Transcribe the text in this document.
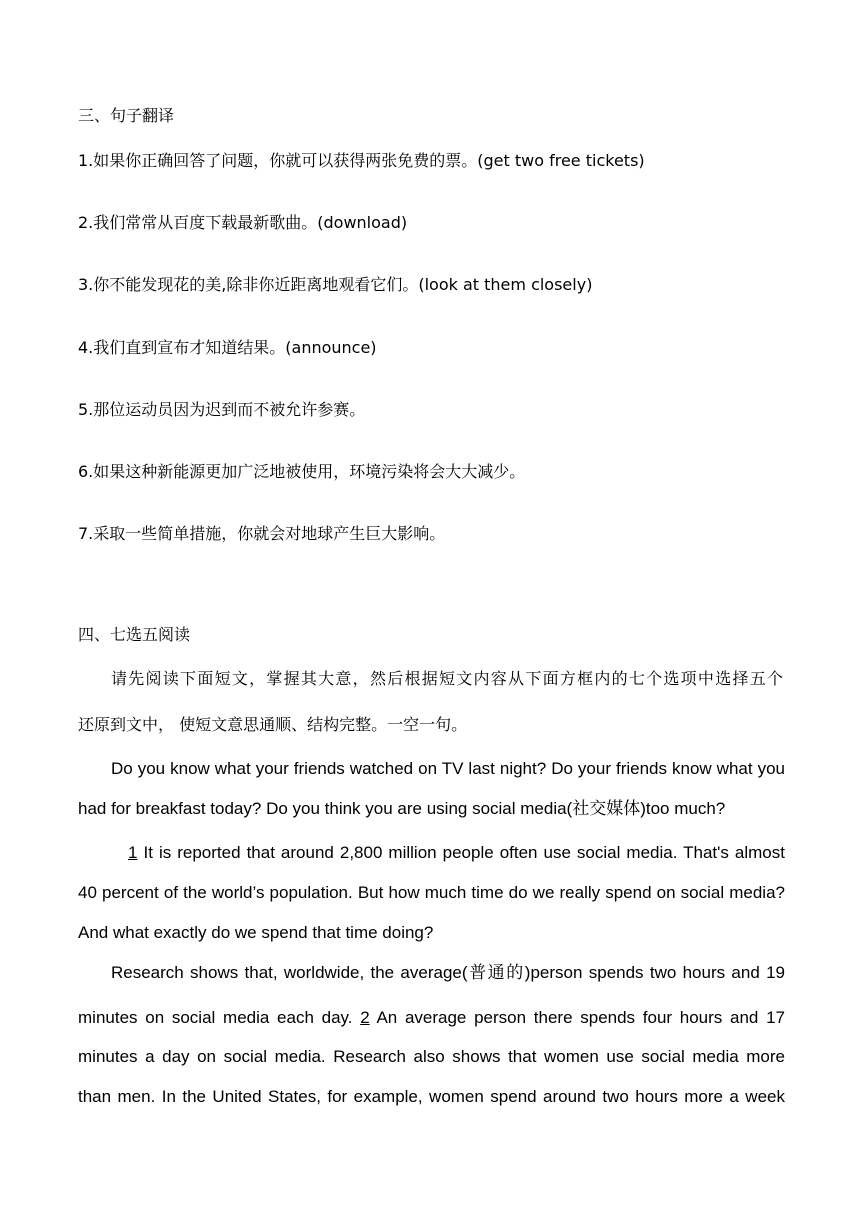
三、句子翻译
1.如果你正确回答了问题，你就可以获得两张免费的票。(get two free tickets)
2.我们常常从百度下载最新歌曲。(download)
3.你不能发现花的美,除非你近距离地观看它们。(look at them closely)
4.我们直到宣布才知道结果。(announce)
5.那位运动员因为迟到而不被允许参赛。
6.如果这种新能源更加广泛地被使用，环境污染将会大大减少。
7.采取一些简单措施，你就会对地球产生巨大影响。
四、七选五阅读
请先阅读下面短文，掌握其大意，然后根据短文内容从下面方框内的七个选项中选择五个
还原到文中， 使短文意思通顺、结构完整。一空一句。
Do you know what your friends watched on TV last night? Do your friends know what you
had for breakfast today? Do you think you are using social media(社交媒体)too much?
1 It is reported that around 2,800 million people often use social media. That's almost
40 percent of the world’s population. But how much time do we really spend on social media?
And what exactly do we spend that time doing?
Research shows that, worldwide, the average(普通的)person spends two hours and 19
minutes on social media each day. 2 An average person there spends four hours and 17
minutes a day on social media. Research also shows that women use social media more
than men. In the United States, for example, women spend around two hours more a week
